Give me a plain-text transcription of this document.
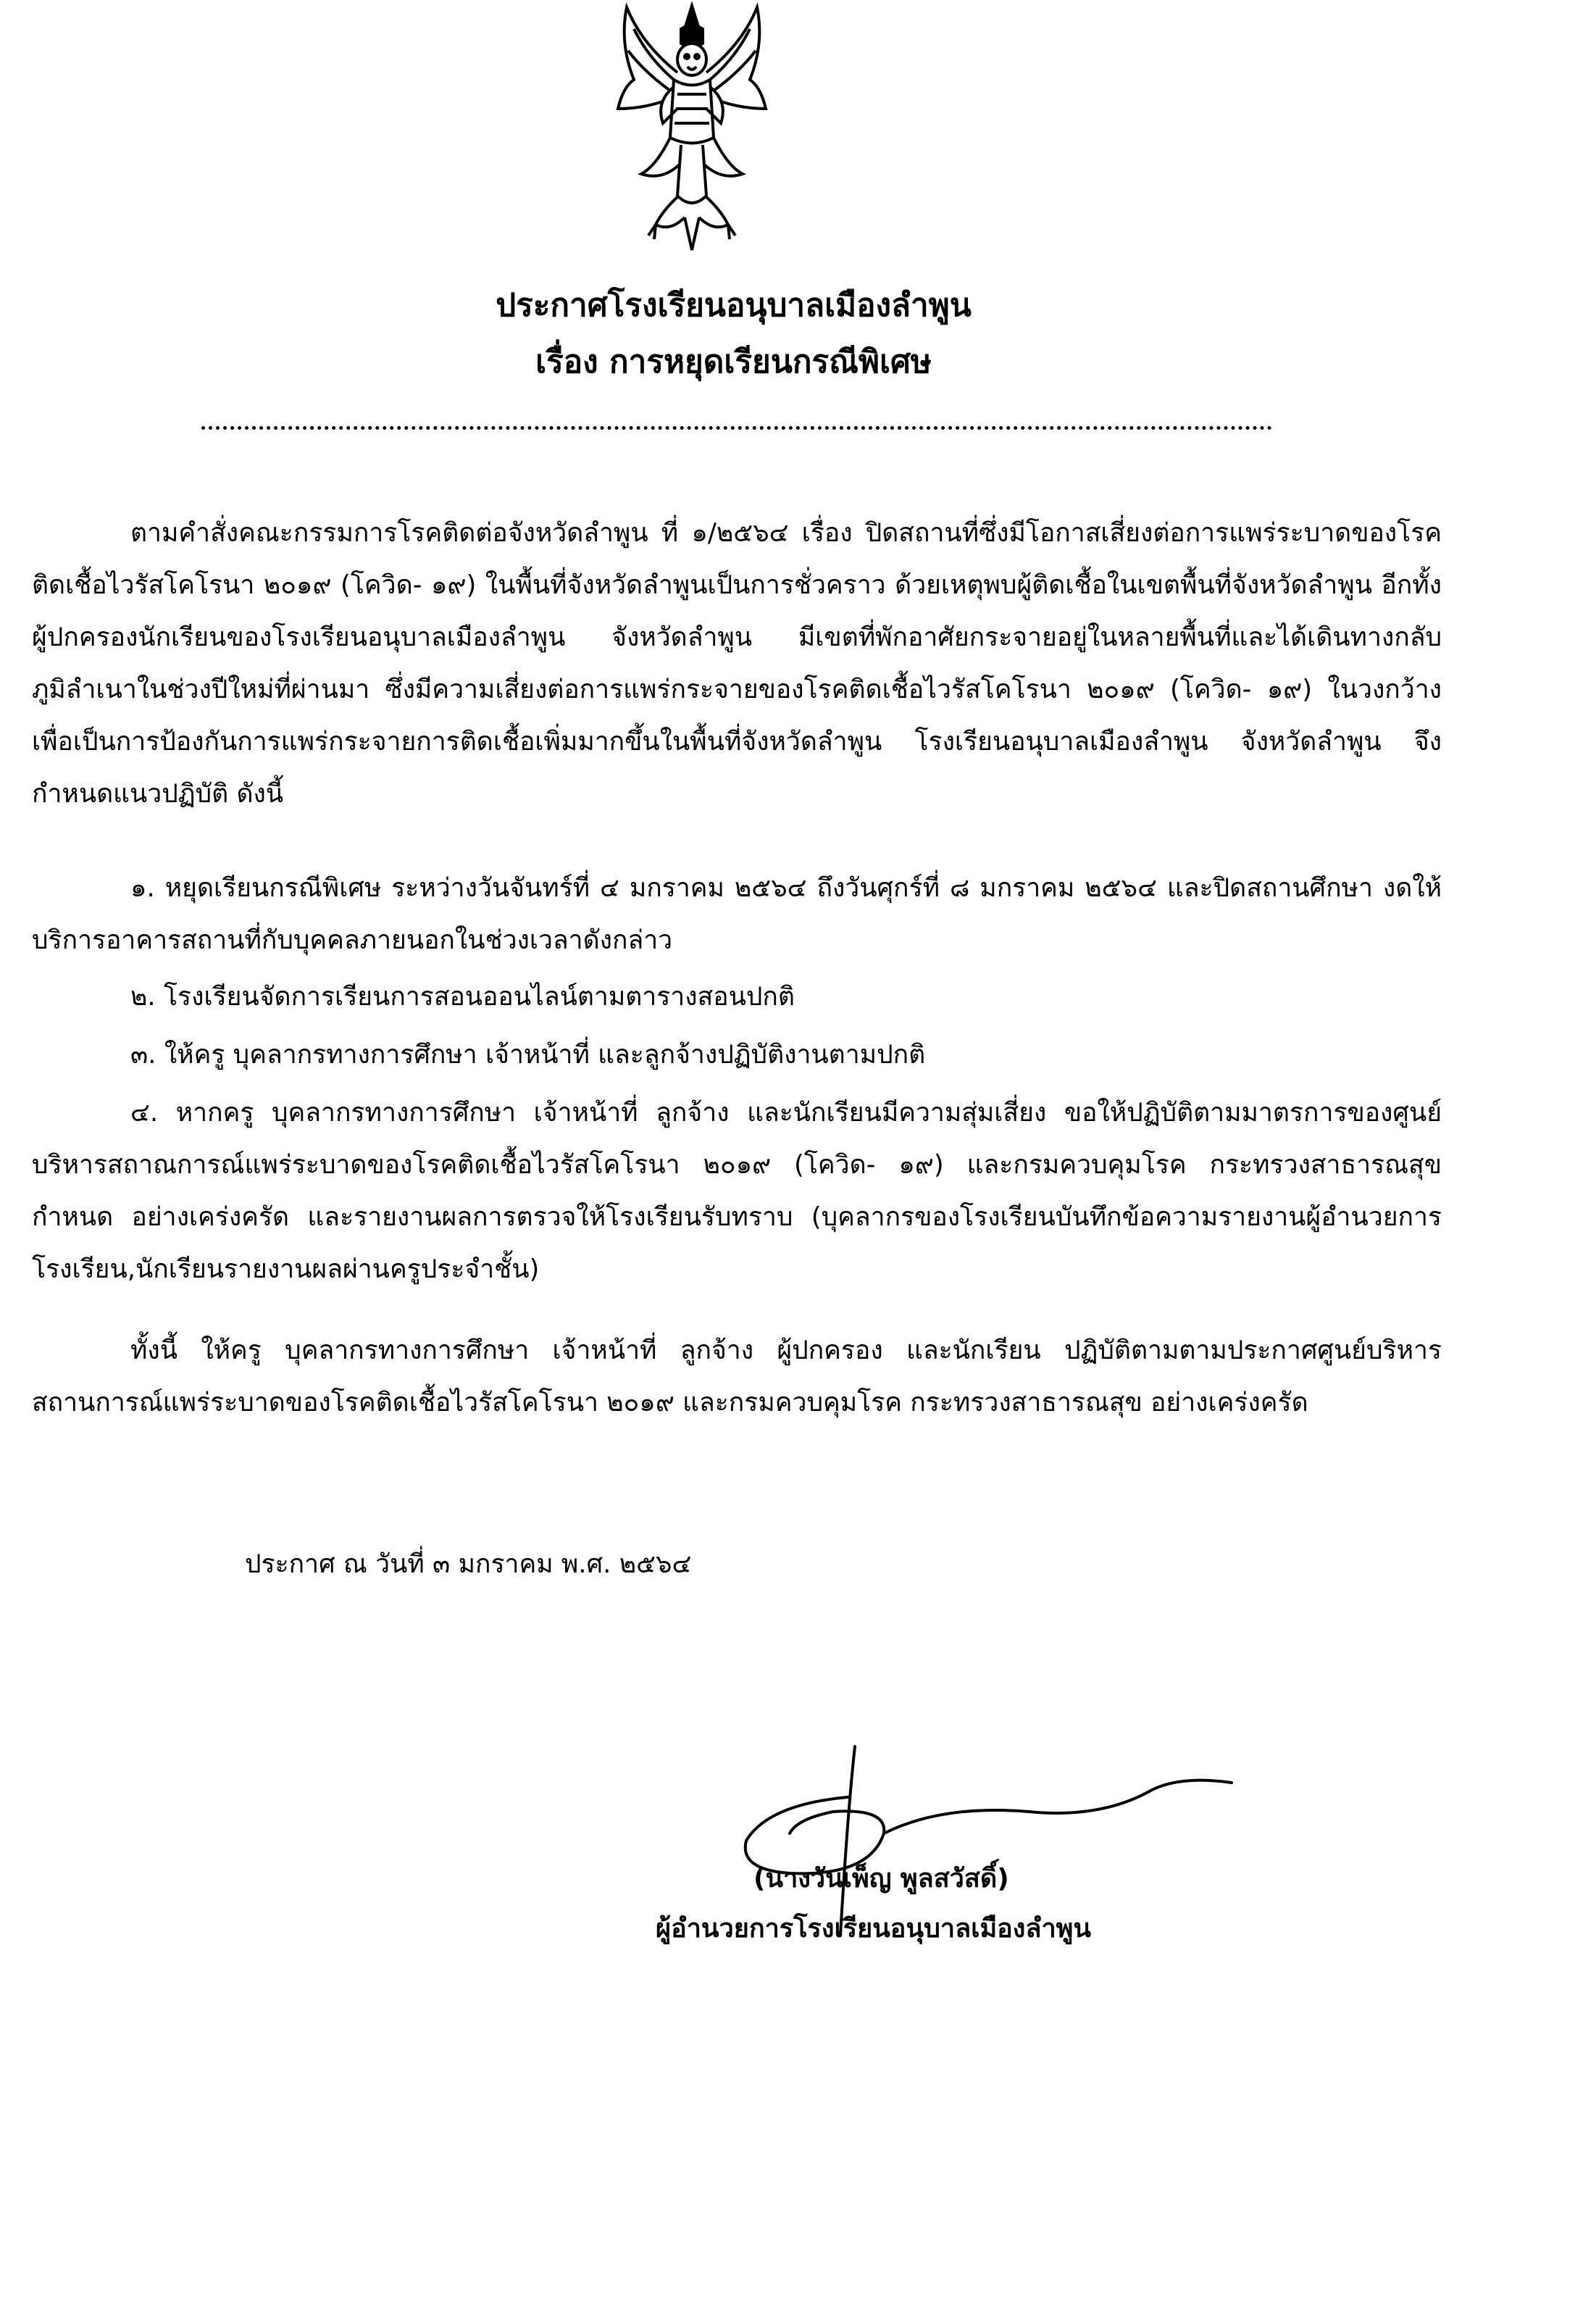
ประกาศโรงเรียนอนุบาลเมืองลำพูน
เรื่อง การหยุดเรียนกรณีพิเศษ
ตามคำสั่งคณะกรรมการโรคติดต่อจังหวัดลำพูน ที่ ๑/๒๕๖๔ เรื่อง ปิดสถานที่ซึ่งมีโอกาสเสี่ยงต่อการแพร่ระบาดของโรคติดเชื้อไวรัสโคโรนา ๒๐๑๙ (โควิด- ๑๙) ในพื้นที่จังหวัดลำพูนเป็นการชั่วคราว ด้วยเหตุพบผู้ติดเชื้อในเขตพื้นที่จังหวัดลำพูน อีกทั้งผู้ปกครองนักเรียนของโรงเรียนอนุบาลเมืองลำพูน จังหวัดลำพูน มีเขตที่พักอาศัยกระจายอยู่ในหลายพื้นที่และได้เดินทางกลับภูมิลำเนาในช่วงปีใหม่ที่ผ่านมา ซึ่งมีความเสี่ยงต่อการแพร่กระจายของโรคติดเชื้อไวรัสโคโรนา ๒๐๑๙ (โควิด- ๑๙) ในวงกว้าง เพื่อเป็นการป้องกันการแพร่กระจายการติดเชื้อเพิ่มมากขึ้นในพื้นที่จังหวัดลำพูน โรงเรียนอนุบาลเมืองลำพูน จังหวัดลำพูน จึงกำหนดแนวปฏิบัติ ดังนี้
๑. หยุดเรียนกรณีพิเศษ ระหว่างวันจันทร์ที่ ๔ มกราคม ๒๕๖๔ ถึงวันศุกร์ที่ ๘ มกราคม ๒๕๖๔ และปิดสถานศึกษา งดให้บริการอาคารสถานที่กับบุคคลภายนอกในช่วงเวลาดังกล่าว
๒. โรงเรียนจัดการเรียนการสอนออนไลน์ตามตารางสอนปกติ
๓. ให้ครู บุคลากรทางการศึกษา เจ้าหน้าที่ และลูกจ้างปฏิบัติงานตามปกติ
๔. หากครู บุคลากรทางการศึกษา เจ้าหน้าที่ ลูกจ้าง และนักเรียนมีความสุ่มเสี่ยง ขอให้ปฏิบัติตามมาตรการของศูนย์บริหารสถาณการณ์แพร่ระบาดของโรคติดเชื้อไวรัสโคโรนา ๒๐๑๙ (โควิด- ๑๙) และกรมควบคุมโรค กระทรวงสาธารณสุข กำหนด อย่างเคร่งครัด และรายงานผลการตรวจให้โรงเรียนรับทราบ (บุคลากรของโรงเรียนบันทึกข้อความรายงานผู้อำนวยการโรงเรียน,นักเรียนรายงานผลผ่านครูประจำชั้น)
ทั้งนี้ ให้ครู บุคลากรทางการศึกษา เจ้าหน้าที่ ลูกจ้าง ผู้ปกครอง และนักเรียน ปฏิบัติตามตามประกาศศูนย์บริหารสถานการณ์แพร่ระบาดของโรคติดเชื้อไวรัสโคโรนา ๒๐๑๙ และกรมควบคุมโรค กระทรวงสาธารณสุข อย่างเคร่งครัด
ประกาศ ณ วันที่ ๓ มกราคม พ.ศ. ๒๕๖๔
(นางวันเพ็ญ พูลสวัสดิ์)
ผู้อำนวยการโรงเรียนอนุบาลเมืองลำพูน
